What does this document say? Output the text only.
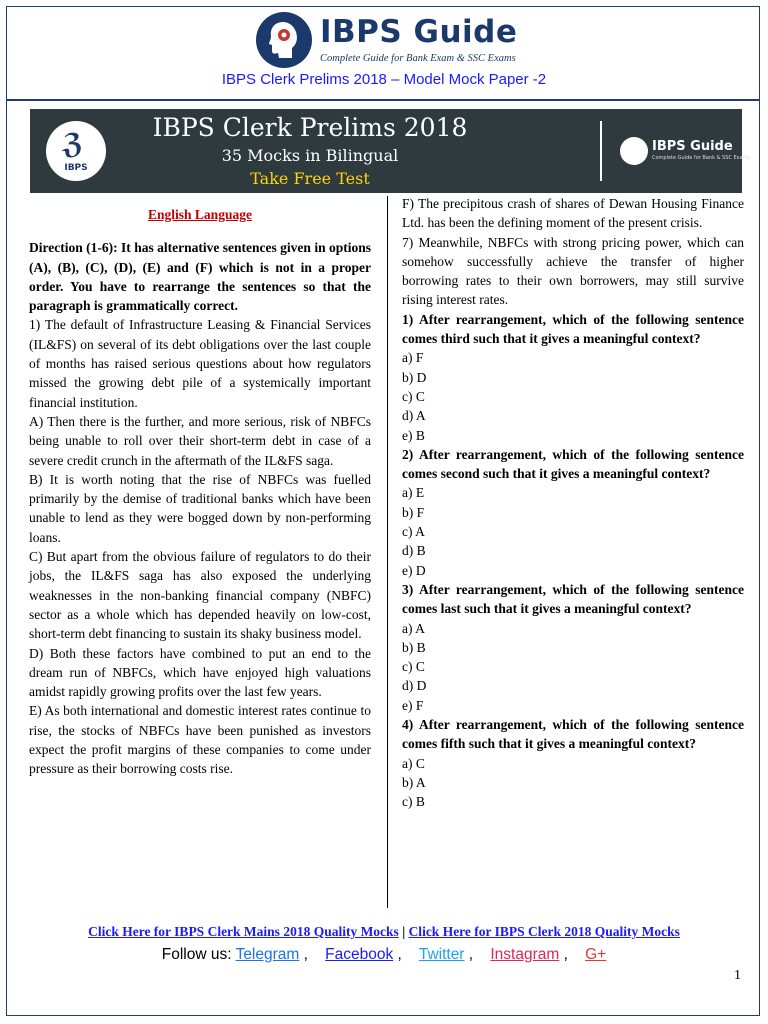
IBPS Guide
Complete Guide for Bank Exam & SSC Exams
IBPS Clerk Prelims 2018 – Model Mock Paper -2
ℨ
IBPS
IBPS Clerk Prelims 2018
35 Mocks in Bilingual
Take Free Test
IBPS Guide
Complete Guide for Bank & SSC Exams

English Language

Direction (1-6): It has alternative sentences given in options (A), (B), (C), (D), (E) and (F) which is not in a proper order. You have to rearrange the sentences so that the paragraph is grammatically correct.

1) The default of Infrastructure Leasing & Financial Services (IL&FS) on several of its debt obligations over the last couple of months has raised serious questions about how regulators missed the growing debt pile of a systemically important financial institution.

A) Then there is the further, and more serious, risk of NBFCs being unable to roll over their short-term debt in case of a severe credit crunch in the aftermath of the IL&FS saga.

B) It is worth noting that the rise of NBFCs was fuelled primarily by the demise of traditional banks which have been unable to lend as they were bogged down by non-performing loans.

C) But apart from the obvious failure of regulators to do their jobs, the IL&FS saga has also exposed the underlying weaknesses in the non-banking financial company (NBFC) sector as a whole which has depended heavily on low-cost, short-term debt financing to sustain its shaky business model.

D) Both these factors have combined to put an end to the dream run of NBFCs, which have enjoyed high valuations amidst rapidly growing profits over the last few years.

E) As both international and domestic interest rates continue to rise, the stocks of NBFCs have been punished as investors expect the profit margins of these companies to come under pressure as their borrowing costs rise.

F) The precipitous crash of shares of Dewan Housing Finance Ltd. has been the defining moment of the present crisis.

7) Meanwhile, NBFCs with strong pricing power, which can somehow successfully achieve the transfer of higher borrowing rates to their own borrowers, may still survive rising interest rates.

1) After rearrangement, which of the following sentence comes third such that it gives a meaningful context?

a) F

b) D

c) C

d) A

e) B

2) After rearrangement, which of the following sentence comes second such that it gives a meaningful context?

a) E

b) F

c) A

d) B

e) D

3) After rearrangement, which of the following sentence comes last such that it gives a meaningful context?

a) A

b) B

c) C

d) D

e) F

4) After rearrangement, which of the following sentence comes fifth such that it gives a meaningful context?

a) C

b) A

c) B

Click Here for IBPS Clerk Mains 2018 Quality Mocks | Click Here for IBPS Clerk 2018 Quality Mocks
Follow us: Telegram ,    Facebook ,    Twitter ,    Instagram ,    G+
1
